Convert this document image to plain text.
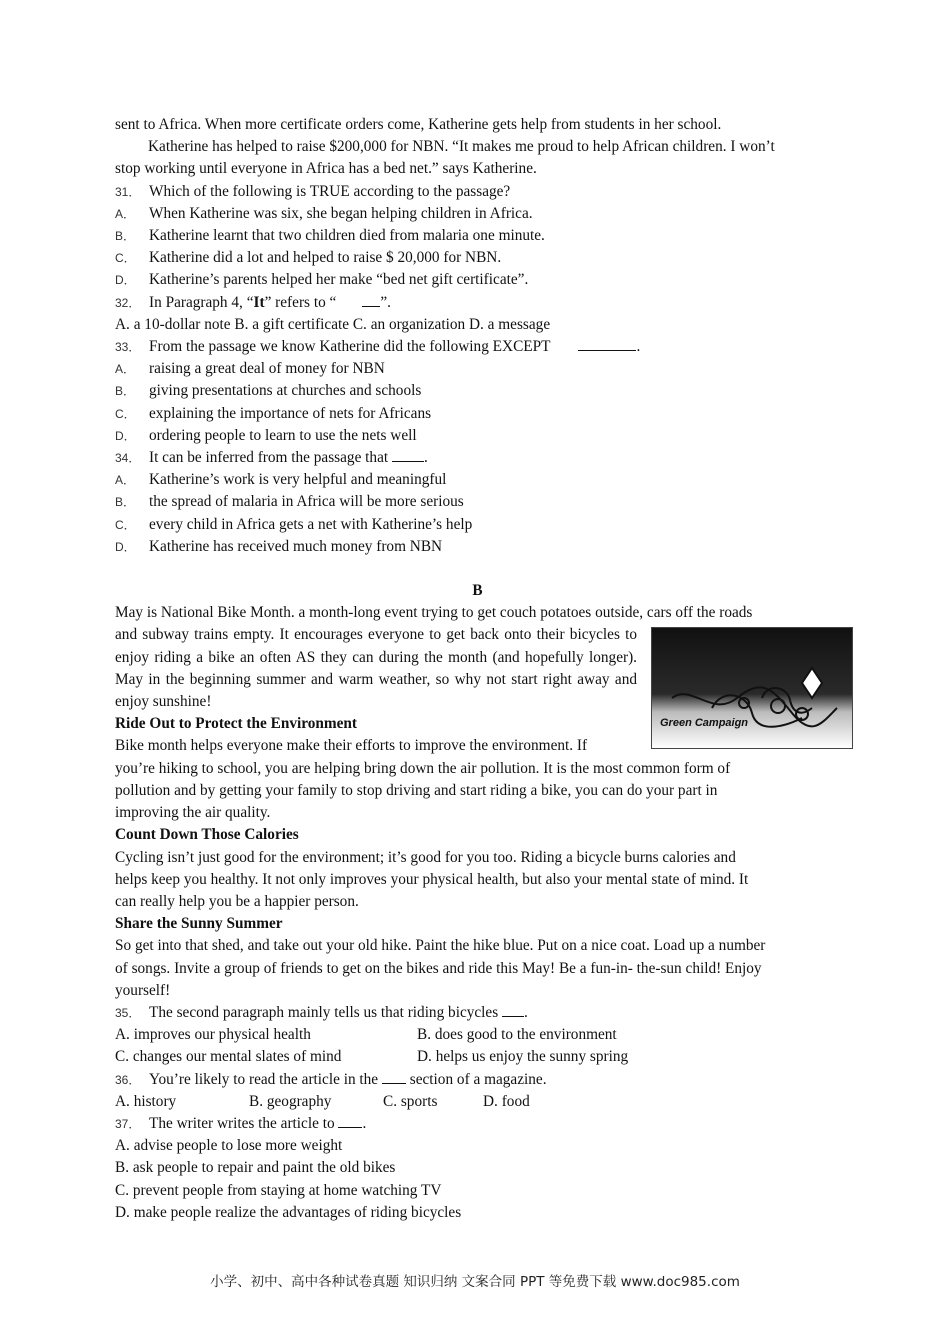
sent to Africa. When more certificate orders come, Katherine gets help from students in her school.
Katherine has helped to raise $200,000 for NBN. “It makes me proud to help African children. I won’t
stop working until everyone in Africa has a bed net.” says Katherine.
31． Which of the following is TRUE according to the passage?
A． When Katherine was six, she began helping children in Africa.
B． Katherine learnt that two children died from malaria one minute.
C． Katherine did a lot and helped to raise $ 20,000 for NBN.
D． Katherine’s parents helped her make “bed net gift certificate”.
32． In Paragraph 4, “It” refers to “	”.
A. a 10-dollar note B. a gift certificate C. an organization D. a message
33． From the passage we know Katherine did the following EXCEPT	.
A． raising a great deal of money for NBN
B． giving presentations at churches and schools
C． explaining the importance of nets for Africans
D． ordering people to learn to use the nets well
34． It can be inferred from the passage that .
A． Katherine’s work is very helpful and meaningful
B． the spread of malaria in Africa will be more serious
C． every child in Africa gets a net with Katherine’s help
D． Katherine has received much money from NBN
B
May is National Bike Month. a month-long event trying to get couch potatoes outside, cars off the roads
and subway trains empty. It encourages everyone to get back onto their bicycles to enjoy riding a bike an often AS they can during the month (and hopefully longer). May in the beginning summer and warm weather, so why not start right away and enjoy sunshine!
Ride Out to Protect the Environment
Bike month helps everyone make their efforts to improve the environment. If
you’re hiking to school, you are helping bring down the air pollution. It is the most common form of
pollution and by getting your family to stop driving and start riding a bike, you can do your part in
improving the air quality.
Count Down Those Calories
Cycling isn’t just good for the environment; it’s good for you too. Riding a bicycle burns calories and
helps keep you healthy. It not only improves your physical health, but also your mental state of mind. It
can really help you be a happier person.
Share the Sunny Summer
So get into that shed, and take out your old hike. Paint the hike blue. Put on a nice coat. Load up a number
of songs. Invite a group of friends to get on the bikes and ride this May! Be a fun-in- the-sun child! Enjoy
yourself!
35． The second paragraph mainly tells us that riding bicycles .
A. improves our physical health	B. does good to the environment
C. changes our mental slates of mind	D. helps us enjoy the sunny spring
36． You’re likely to read the article in the section of a magazine.
A. history	B. geography	C. sports	D. food
37． The writer writes the article to .
A. advise people to lose more weight
B. ask people to repair and paint the old bikes
C. prevent people from staying at home watching TV
D. make people realize the advantages of riding bicycles
Green Campaign
小学、初中、高中各种试卷真题 知识归纳 文案合同 PPT 等免费下载 www.doc985.com
